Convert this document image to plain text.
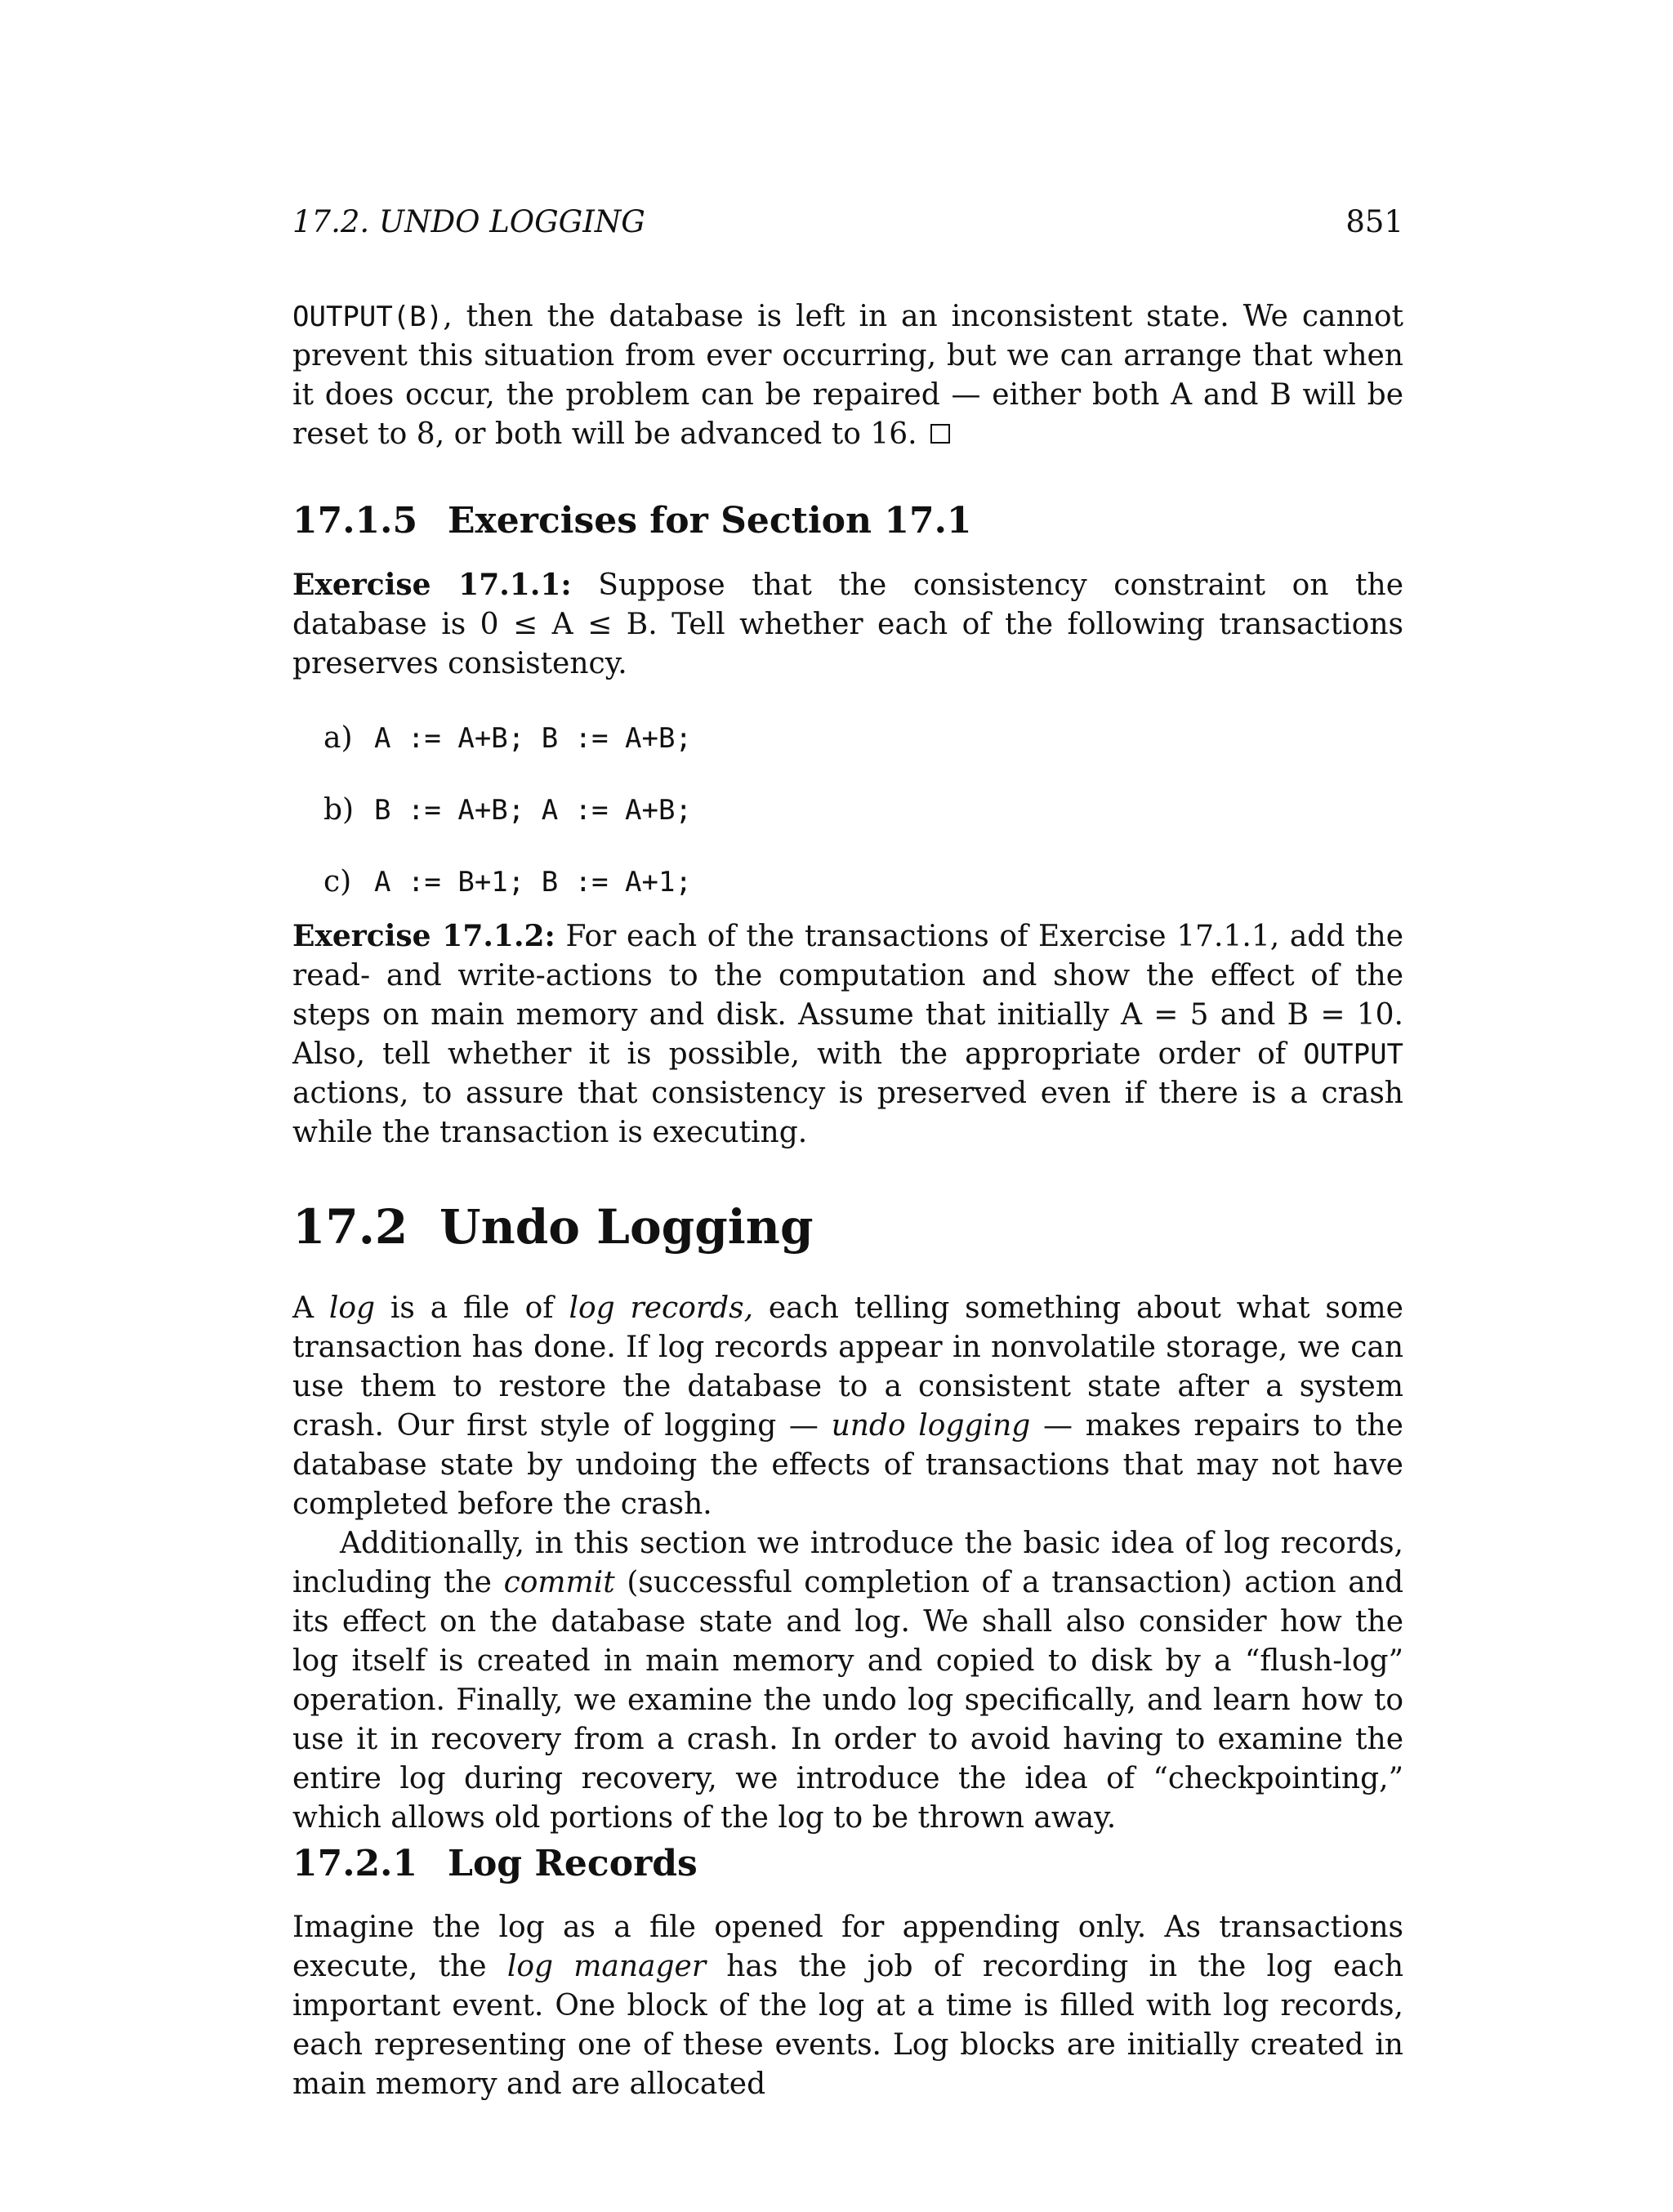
17.2. UNDO LOGGING	851

OUTPUT(B), then the database is left in an inconsistent state. We cannot prevent this situation from ever occurring, but we can arrange that when it does occur, the problem can be repaired — either both A and B will be reset to 8, or both will be advanced to 16.

17.1.5 Exercises for Section 17.1

Exercise 17.1.1: Suppose that the consistency constraint on the database is 0 ≤ A ≤ B. Tell whether each of the following transactions preserves consistency.

a) A := A+B; B := A+B;

b) B := A+B; A := A+B;

c) A := B+1; B := A+1;

Exercise 17.1.2: For each of the transactions of Exercise 17.1.1, add the read- and write-actions to the computation and show the effect of the steps on main memory and disk. Assume that initially A = 5 and B = 10. Also, tell whether it is possible, with the appropriate order of OUTPUT actions, to assure that consistency is preserved even if there is a crash while the transaction is executing.

17.2 Undo Logging

A log is a file of log records, each telling something about what some transaction has done. If log records appear in nonvolatile storage, we can use them to restore the database to a consistent state after a system crash. Our first style of logging — undo logging — makes repairs to the database state by undoing the effects of transactions that may not have completed before the crash.

Additionally, in this section we introduce the basic idea of log records, including the commit (successful completion of a transaction) action and its effect on the database state and log. We shall also consider how the log itself is created in main memory and copied to disk by a “flush-log” operation. Finally, we examine the undo log specifically, and learn how to use it in recovery from a crash. In order to avoid having to examine the entire log during recovery, we introduce the idea of “checkpointing,” which allows old portions of the log to be thrown away.

17.2.1 Log Records

Imagine the log as a file opened for appending only. As transactions execute, the log manager has the job of recording in the log each important event. One block of the log at a time is filled with log records, each representing one of these events. Log blocks are initially created in main memory and are allocated
